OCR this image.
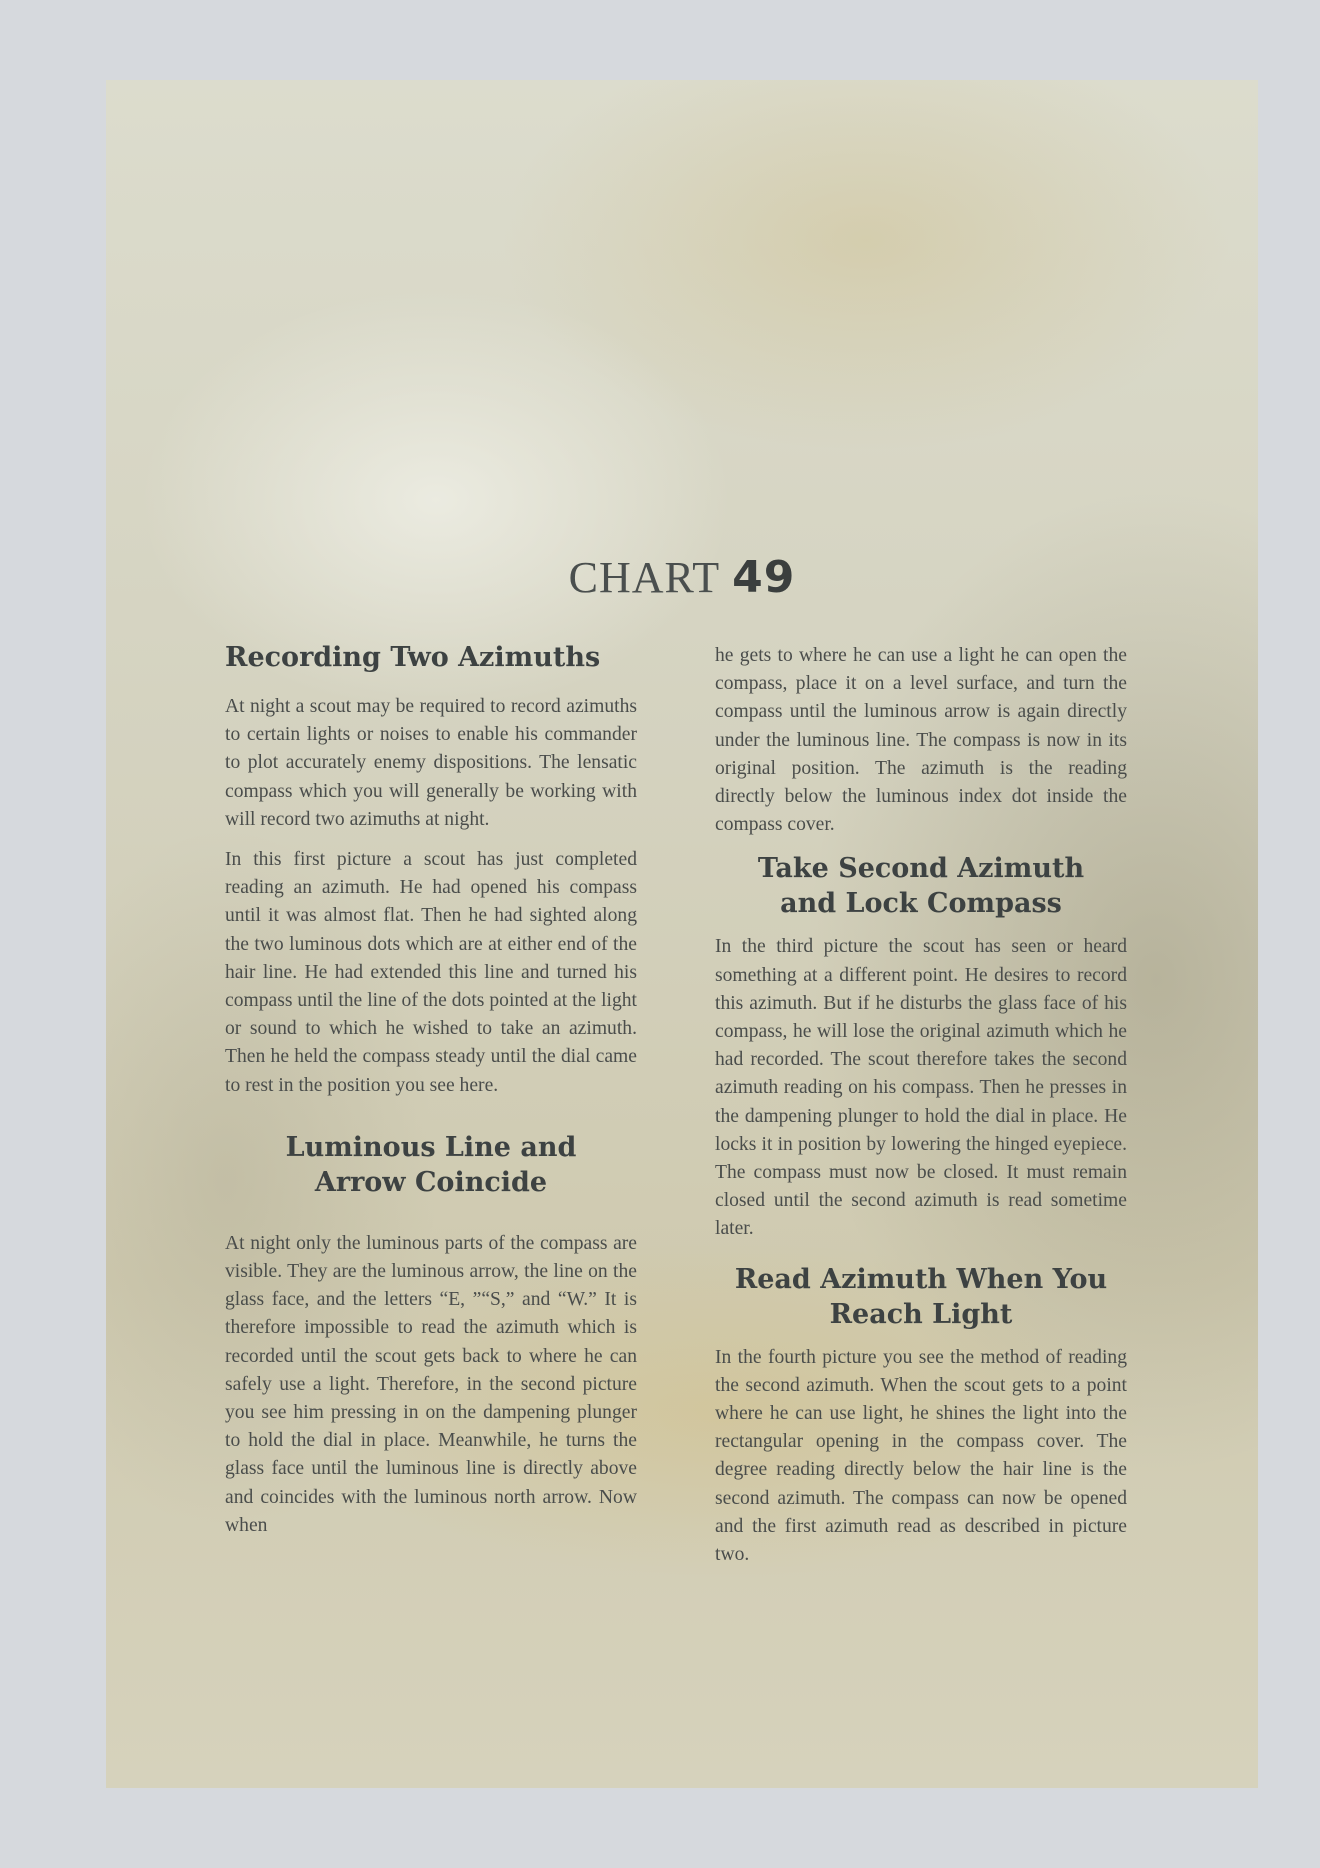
CHART 49
Recording Two Azimuths

At night a scout may be required to record azimuths to certain lights or noises to enable his commander to plot accurately enemy dispositions. The lensatic compass which you will generally be working with will record two azimuths at night.

In this first picture a scout has just completed reading an azimuth. He had opened his compass until it was almost flat. Then he had sighted along the two luminous dots which are at either end of the hair line. He had extended this line and turned his compass until the line of the dots pointed at the light or sound to which he wished to take an azimuth. Then he held the compass steady until the dial came to rest in the position you see here.

Luminous Line and
Arrow Coincide

At night only the luminous parts of the compass are visible. They are the luminous arrow, the line on the glass face, and the letters “E, ”“S,” and “W.” It is therefore impossible to read the azimuth which is recorded until the scout gets back to where he can safely use a light. Therefore, in the second picture you see him pressing in on the dampening plunger to hold the dial in place. Meanwhile, he turns the glass face until the luminous line is directly above and coincides with the luminous north arrow. Now when

he gets to where he can use a light he can open the compass, place it on a level surface, and turn the compass until the luminous arrow is again directly under the luminous line. The compass is now in its original position. The azimuth is the reading directly below the luminous index dot inside the compass cover.

Take Second Azimuth
and Lock Compass

In the third picture the scout has seen or heard something at a different point. He desires to record this azimuth. But if he disturbs the glass face of his compass, he will lose the original azimuth which he had recorded. The scout therefore takes the second azimuth reading on his compass. Then he presses in the dampening plunger to hold the dial in place. He locks it in position by lowering the hinged eyepiece. The compass must now be closed. It must remain closed until the second azimuth is read sometime later.

Read Azimuth When You
Reach Light

In the fourth picture you see the method of reading the second azimuth. When the scout gets to a point where he can use light, he shines the light into the rectangular opening in the compass cover. The degree reading directly below the hair line is the second azimuth. The compass can now be opened and the first azimuth read as described in picture two.
